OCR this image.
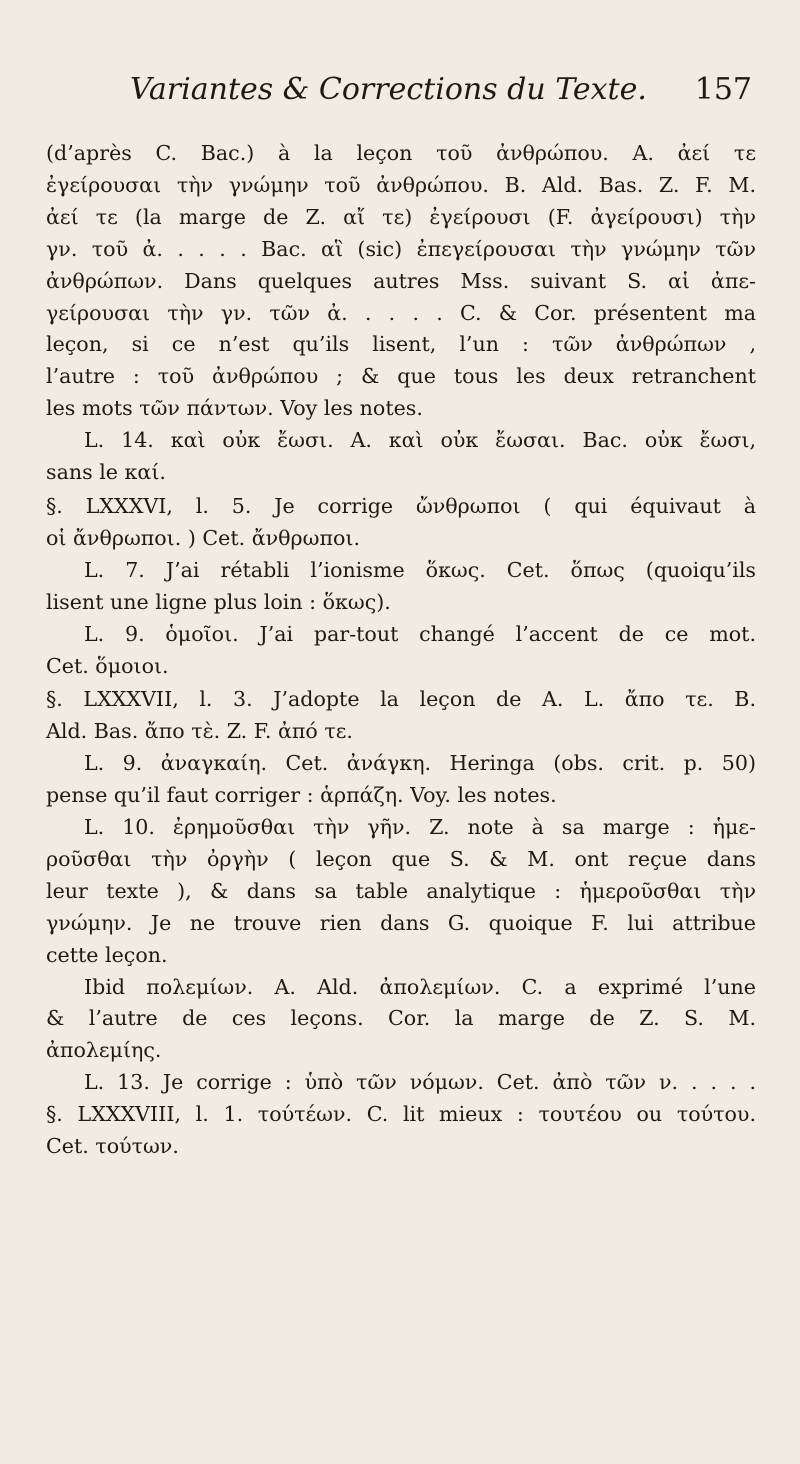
Variantes & Corrections du Texte. 157
(d’après C. Bac.) à la leçon τοῦ ἀνθρώπου. A. ἀεί τε
ἐγείρουσαι τὴν γνώμην τοῦ ἀνθρώπου. B. Ald. Bas. Z. F. M.
ἀεί τε (la marge de Z. αἴ τε) ἐγείρουσι (F. ἀγείρουσι) τὴν
γν. τοῦ ἀ. . . . . Bac. αἳ (sic) ἐπεγείρουσαι τὴν γνώμην τῶν
ἀνθρώπων. Dans quelques autres Mss. suivant S. αἱ ἀπε-
γείρουσαι τὴν γν. τῶν ἀ. . . . . C. & Cor. présentent ma
leçon, si ce n’est qu’ils lisent, l’un : τῶν ἀνθρώπων ,
l’autre : τοῦ ἀνθρώπου ; & que tous les deux retranchent
les mots τῶν πάντων. Voy les notes.
L. 14. καὶ οὐκ ἔωσι. A. καὶ οὐκ ἔωσαι. Bac. οὐκ ἔωσι,
sans le καί.
§. LXXXVI, l. 5. Je corrige ὤνθρωποι ( qui équivaut à
οἱ ἄνθρωποι. ) Cet. ἄνθρωποι.
L. 7. J’ai rétabli l’ionisme ὅκως. Cet. ὅπως (quoiqu’ils
lisent une ligne plus loin : ὅκως).
L. 9. ὁμοῖοι. J’ai par-tout changé l’accent de ce mot.
Cet. ὅμοιοι.
§. LXXXVII, l. 3. J’adopte la leçon de A. L. ἄπο τε. B.
Ald. Bas. ἄπο τὲ. Z. F. ἀπό τε.
L. 9. ἀναγκαίη. Cet. ἀνάγκη. Heringa (obs. crit. p. 50)
pense qu’il faut corriger : ἁρπάζη. Voy. les notes.
L. 10. ἐρημοῦσθαι τὴν γῆν. Z. note à sa marge : ἡμε-
ροῦσθαι τὴν ὀργὴν ( leçon que S. & M. ont reçue dans
leur texte ), & dans sa table analytique : ἡμεροῦσθαι τὴν
γνώμην. Je ne trouve rien dans G. quoique F. lui attribue
cette leçon.
Ibid πολεμίων. A. Ald. ἀπολεμίων. C. a exprimé l’une
& l’autre de ces leçons. Cor. la marge de Z. S. M.
ἀπολεμίης.
L. 13. Je corrige : ὑπὸ τῶν νόμων. Cet. ἀπὸ τῶν ν. . . . .
§. LXXXVIII, l. 1. τούτέων. C. lit mieux : τουτέου ou τούτου.
Cet. τούτων.
